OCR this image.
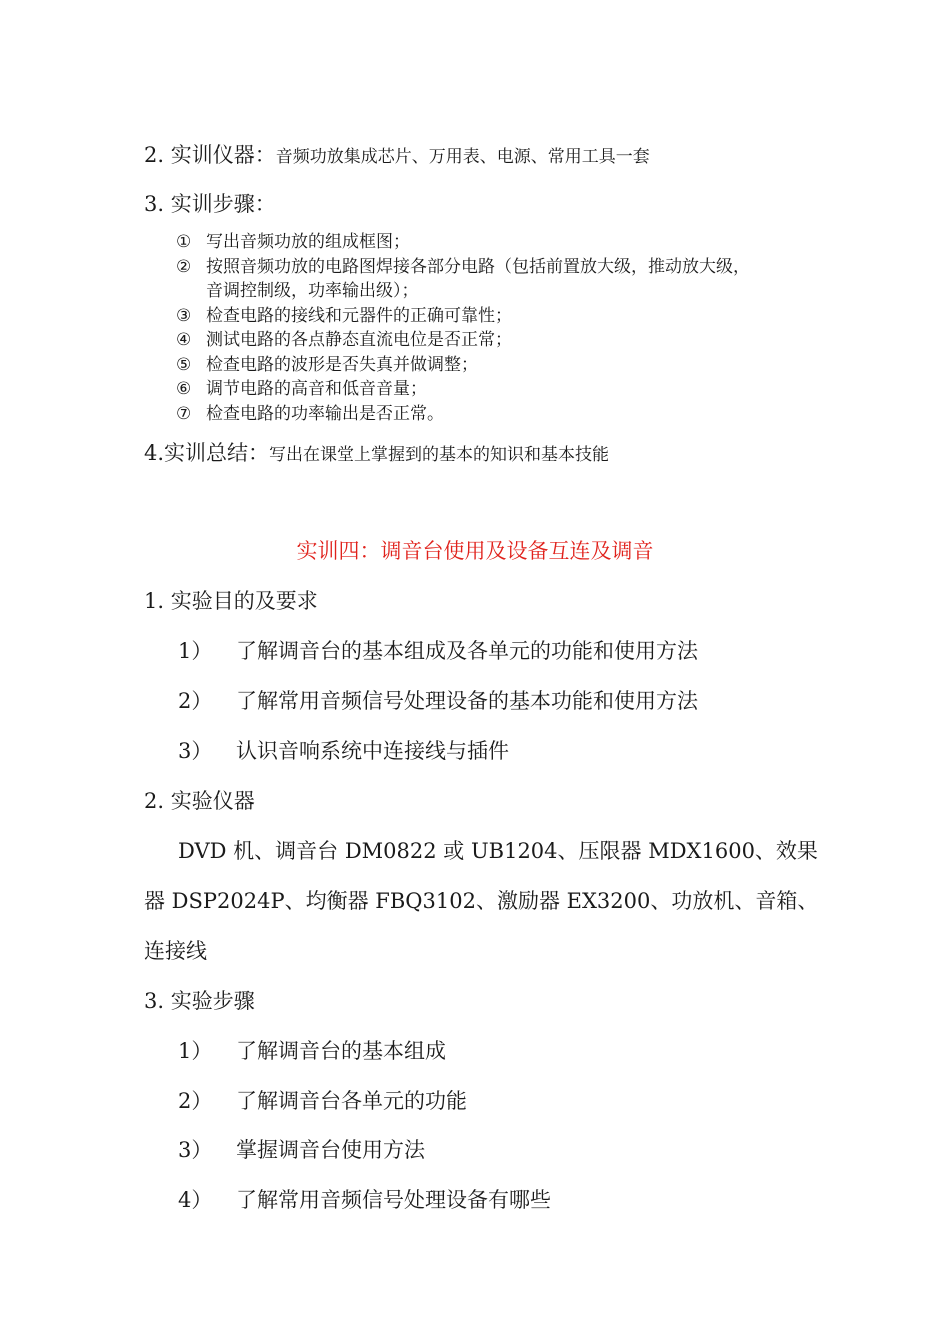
2. 实训仪器：音频功放集成芯片、万用表、电源、常用工具一套
3. 实训步骤：
① 写出音频功放的组成框图；
② 按照音频功放的电路图焊接各部分电路（包括前置放大级，推动放大级，
音调控制级，功率输出级）；
③ 检查电路的接线和元器件的正确可靠性；
④ 测试电路的各点静态直流电位是否正常；
⑤ 检查电路的波形是否失真并做调整；
⑥ 调节电路的高音和低音音量；
⑦ 检查电路的功率输出是否正常。
4.实训总结：写出在课堂上掌握到的基本的知识和基本技能
实训四：调音台使用及设备互连及调音
1. 实验目的及要求
1） 了解调音台的基本组成及各单元的功能和使用方法
2） 了解常用音频信号处理设备的基本功能和使用方法
3） 认识音响系统中连接线与插件
2. 实验仪器
DVD 机、调音台 DM0822 或 UB1204、压限器 MDX1600、效果
器 DSP2024P、均衡器 FBQ3102、激励器 EX3200、功放机、音箱、
连接线
3. 实验步骤
1） 了解调音台的基本组成
2） 了解调音台各单元的功能
3） 掌握调音台使用方法
4） 了解常用音频信号处理设备有哪些
